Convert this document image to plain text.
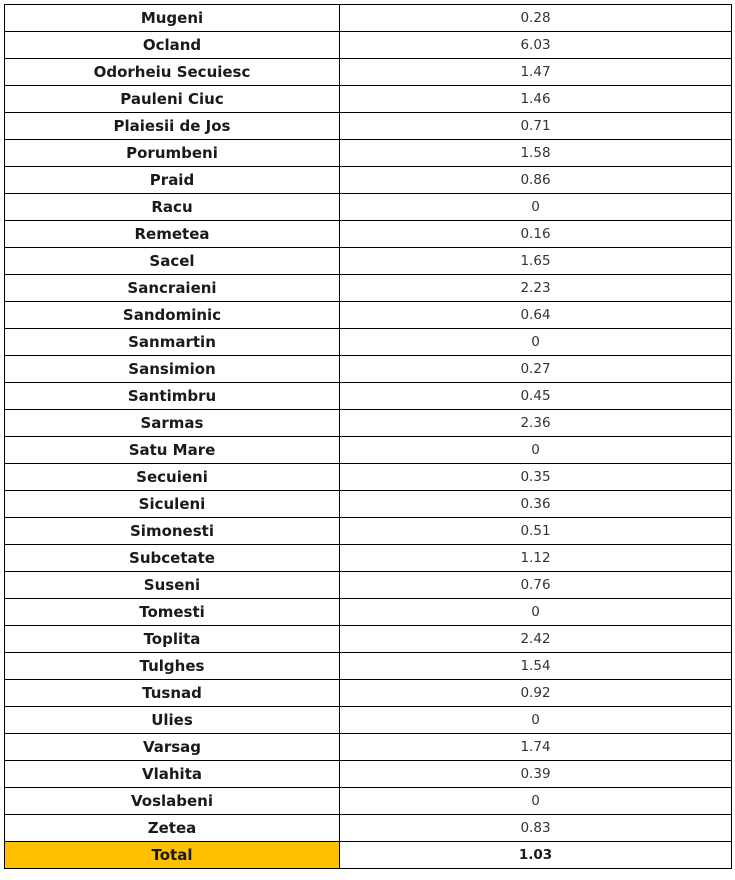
Mugeni	0.28
Ocland	6.03
Odorheiu Secuiesc	1.47
Pauleni Ciuc	1.46
Plaiesii de Jos	0.71
Porumbeni	1.58
Praid	0.86
Racu	0
Remetea	0.16
Sacel	1.65
Sancraieni	2.23
Sandominic	0.64
Sanmartin	0
Sansimion	0.27
Santimbru	0.45
Sarmas	2.36
Satu Mare	0
Secuieni	0.35
Siculeni	0.36
Simonesti	0.51
Subcetate	1.12
Suseni	0.76
Tomesti	0
Toplita	2.42
Tulghes	1.54
Tusnad	0.92
Ulies	0
Varsag	1.74
Vlahita	0.39
Voslabeni	0
Zetea	0.83
Total	1.03
